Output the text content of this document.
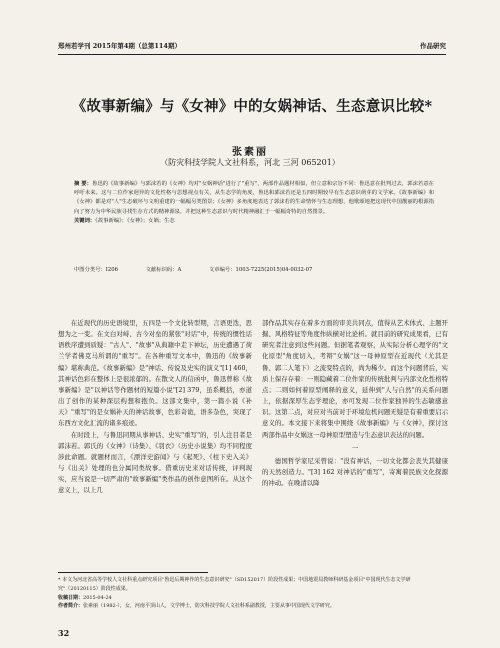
郑州若学刊 2015年第4期（总第114期）	作品研究
《故事新编》与《女神》中的女娲神话、生态意识比较*
张素丽
（防灾科技学院人文社科系，河北 三河 065201）

摘 要：鲁迅的《故事新编》与郭沫若的《女神》均对"女娲神话"进行了"重写"，两部作品题材相似，但立意和宗旨不同：鲁迅意在批判过去，郭沫若意在呼吁未来。这与二位作家迥异的文化性格与思想视点有关，从生态学的角度，鲁迅和郭沫若还是五四时期较早有生态意识萌芽的文学家。《故事新编》和《女神》都是对"人"生态破坏与文明重建的一幅幅另类图景；《女神》多角度地表达了郭沫若的生命情怀与生态理想，他歌颂地把这现代中国靓丽的根源指向了努力为中华民族寻找生存方式的精神源泉，并把这种生态意识与时代精神融汇于一幅幅奇特的自然图景。

关键词：《故事新编》；《女神》；女娲；生态

中图分类号：I206	文献标识码：A	文章编号：1003-7225(2015)04-0032-07

在近现代的历史语境里，五四是一个文化转型期，言语更迭，思想为之一变。在文白对峙、古今对垒的紧张"对话"中，传统的惯性话语秩序遭到质疑："古人"、"故事"从典籍中走下神坛，历史遭遇了荷兰学者佛克马所谓的"重写"。在各种重写文本中，鲁迅的《故事新编》堪称典范。《故事新编》是"神话、传说及史实的演义"[1] 460，其神话色彩在整体上是很浓郁的。在散文人的信函中，鲁迅曾称《故事新编》是"以神话等作题材的短篇小说"[2] 379，虽系概括，亦道出了创作的某种深层构想和抱负。这部文集中，第一篇小说《补天》"重写"的是女娲补天的神话故事，色彩奇诡，语多杂色，突现了东西方文化汇流的诸多痕迹。

在时段上，与鲁迅同期从事神话、史实"重写"的，引人注目者是郭沫若。郭氏的《女神》（诗集）、《羽衣》（历史小说集）均不同程度涉此命题。就题材而言，《漂洋史游闻》与《起死》、《柱下史入关》与《出关》处理的也分属同类故事。借重历史来对话传统，评判现实，应当说是一切严肃的"故事新编"类作品的创作意图所在。从这个意义上，以上几

部作品其实存在着多方面的审美共同点，值得从艺术体式、主题开掘、风格特征等角度作纵横对比论析。就目前的研究成果看，已有研究者注意到这些问题。但据笔者观察，从实际分析心理学的"文化原型"角度切入，考辩"女娲"这一母神原型在近现代（尤其是鲁、郭二人笔下）之流变特点的，尚为稀少。而这个问题背后，实质上保存存着：一则隐藏着二位作家的传统批判与内部文化性格特点；二则如何着原型阐释的意义，延伸到"人与自然"的关系问题上，依据深厚生态学理论，亦可发现二位作家独异的生态敏感意识。这第二点，对应对当前对于环境危机问题无疑是有着重要启示意义的。本文接下来将集中围绕《故事新编》与《女神》，探讨这两部作品中女娲这一母神原型塑造与生态意识表达的问题。

一

德国哲学家尼采曾说："没有神话，一切文化都会丧失其健康的天然创造力。"[3] 162 对神话的"重写"，寄寓着民族文化探源的冲动。在晚清以降

* 本文为河北省高等学校人文社科重点研究项目"鲁迅后期神作的生态意识研究"（SD152017）阶段性成果；中国地震局教师科研基金项目"中国现代生态文学研究"（20120115）阶段性成果。

收稿日期：2015-04-24

作者简介：张素丽（1982-），女，河南平顶山人，文学博士，防灾科技学院人文社科系副教授，主要从事中国现代文学研究。

32
